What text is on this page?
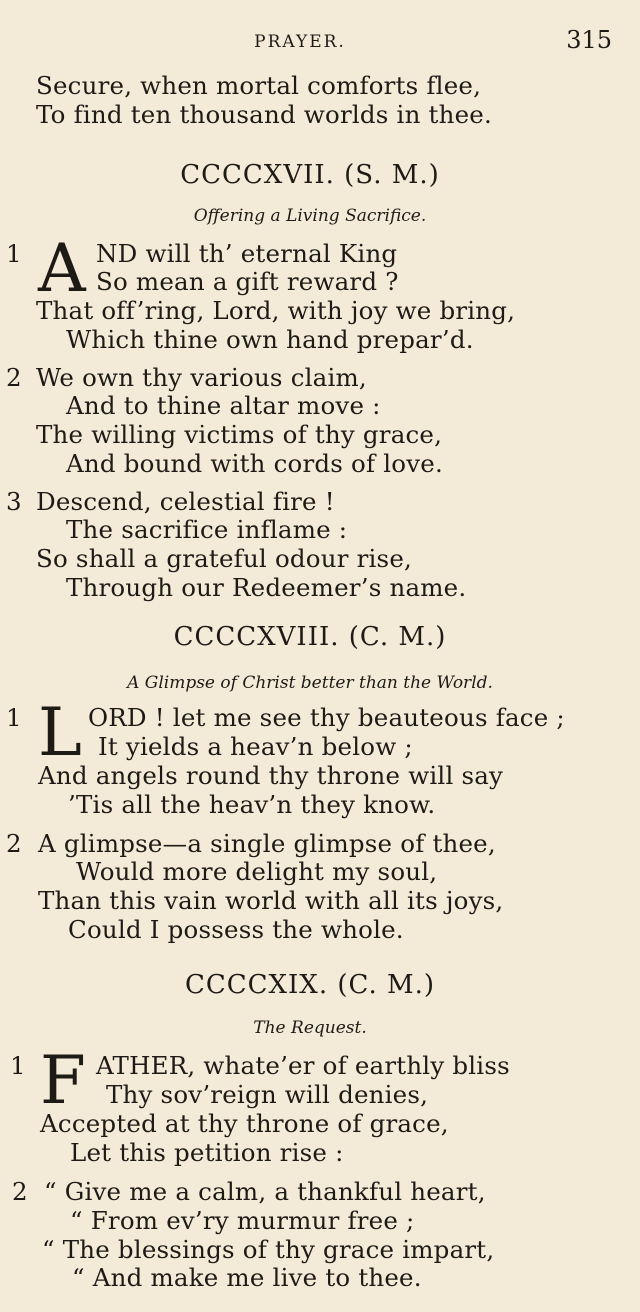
PRAYER.	315
Secure, when mortal comforts flee,
To find ten thousand worlds in thee.
CCCCXVII. (S. M.)
Offering a Living Sacrifice.
1 A ND will th’ eternal King
So mean a gift reward ?
That off’ring, Lord, with joy we bring,
Which thine own hand prepar’d.
2 We own thy various claim,
And to thine altar move :
The willing victims of thy grace,
And bound with cords of love.
3 Descend, celestial fire !
The sacrifice inflame :
So shall a grateful odour rise,
Through our Redeemer’s name.
CCCCXVIII. (C. M.)
A Glimpse of Christ better than the World.
1 L ORD ! let me see thy beauteous face ;
It yields a heav’n below ;
And angels round thy throne will say
’Tis all the heav’n they know.
2 A glimpse—a single glimpse of thee,
Would more delight my soul,
Than this vain world with all its joys,
Could I possess the whole.
CCCCXIX. (C. M.)
The Request.
1 F ATHER, whate’er of earthly bliss
Thy sov’reign will denies,
Accepted at thy throne of grace,
Let this petition rise :
2 “ Give me a calm, a thankful heart,
“ From ev’ry murmur free ;
“ The blessings of thy grace impart,
“ And make me live to thee.
